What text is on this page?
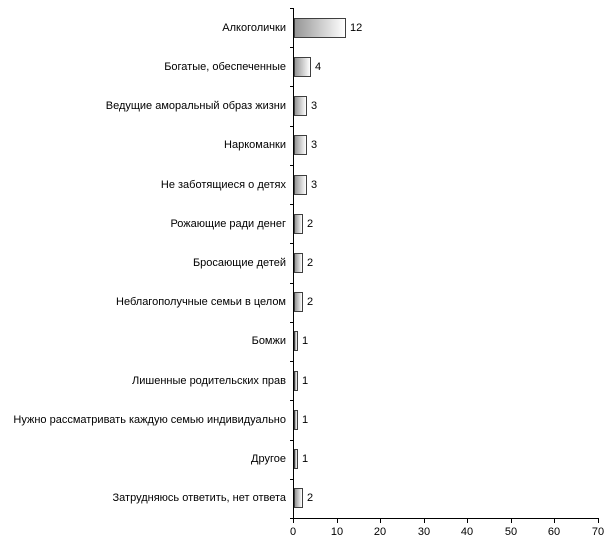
0	10	20	30	40	50	60	70
Алкоголички	12
Богатые, обеспеченные	4
Ведущие аморальный образ жизни 3
Наркоманки 3
Не заботящиеся о детях 3
Рожающие ради денег 2
Бросающие детей 2
Неблагополучные семьи в целом 2
Бомжи 1
Лишенные родительских прав 1
Нужно рассматривать каждую семью индивидуально 1
Другое 1
Затрудняюсь ответить, нет ответа 2
